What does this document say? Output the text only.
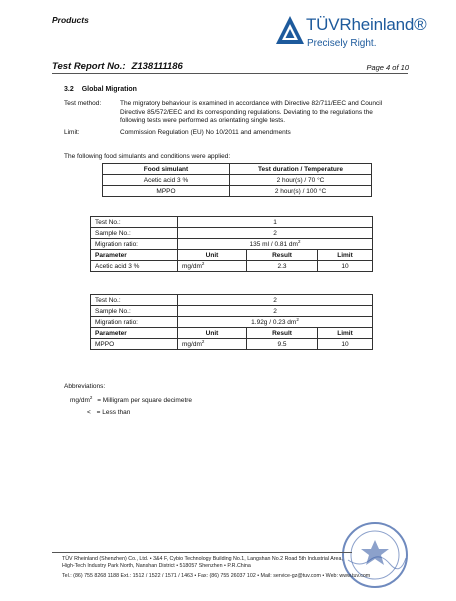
Products	TÜVRheinland®
Precisely Right.
Test Report No.: Z138111186	Page 4 of 10
3.2 Global Migration
Test method:	The migratory behaviour is examined in accordance with Directive 82/711/EEC and Council Directive 85/572/EEC and its corresponding regulations. Deviating to the regulations the following tests were performed as orientating single tests.
Limit:	Commission Regulation (EU) No 10/2011 and amendments
The following food simulants and conditions were applied:
Food simulant	Test duration / Temperature
Acetic acid 3 %	2 hour(s) / 70 °C
MPPO	2 hour(s) / 100 °C
Test No.:	1		
Sample No.:	2		
Migration ratio:	135 ml / 0.81 $dm^2$
Parameter	Unit	Result	Limit
Acetic acid 3 %	$mg/dm^2$	2.3	10
Test No.:	2		
Sample No.:	2		
Migration ratio:	1.92g / 0.23 $dm^2$
Parameter	Unit	Result	Limit
MPPO	$mg/dm^2$	9.5	10
Abbreviations:
$mg/dm^2$ = Milligram per square decimetre
< = Less than
TÜV Rheinland (Shenzhen) Co., Ltd. • 3&4 F, Cybio Technology Building No.1, Langshan No.2 Road 5th Industrial Area,
High-Tech Industry Park North, Nanshan District • 518057 Shenzhen • P.R.China
Tel.: (86) 755 8268 1188 Ext.: 1512 / 1522 / 1571 / 1463 • Fax: (86) 755 26037 102 • Mail: service-gz@tuv.com • Web: www.tuv.com
